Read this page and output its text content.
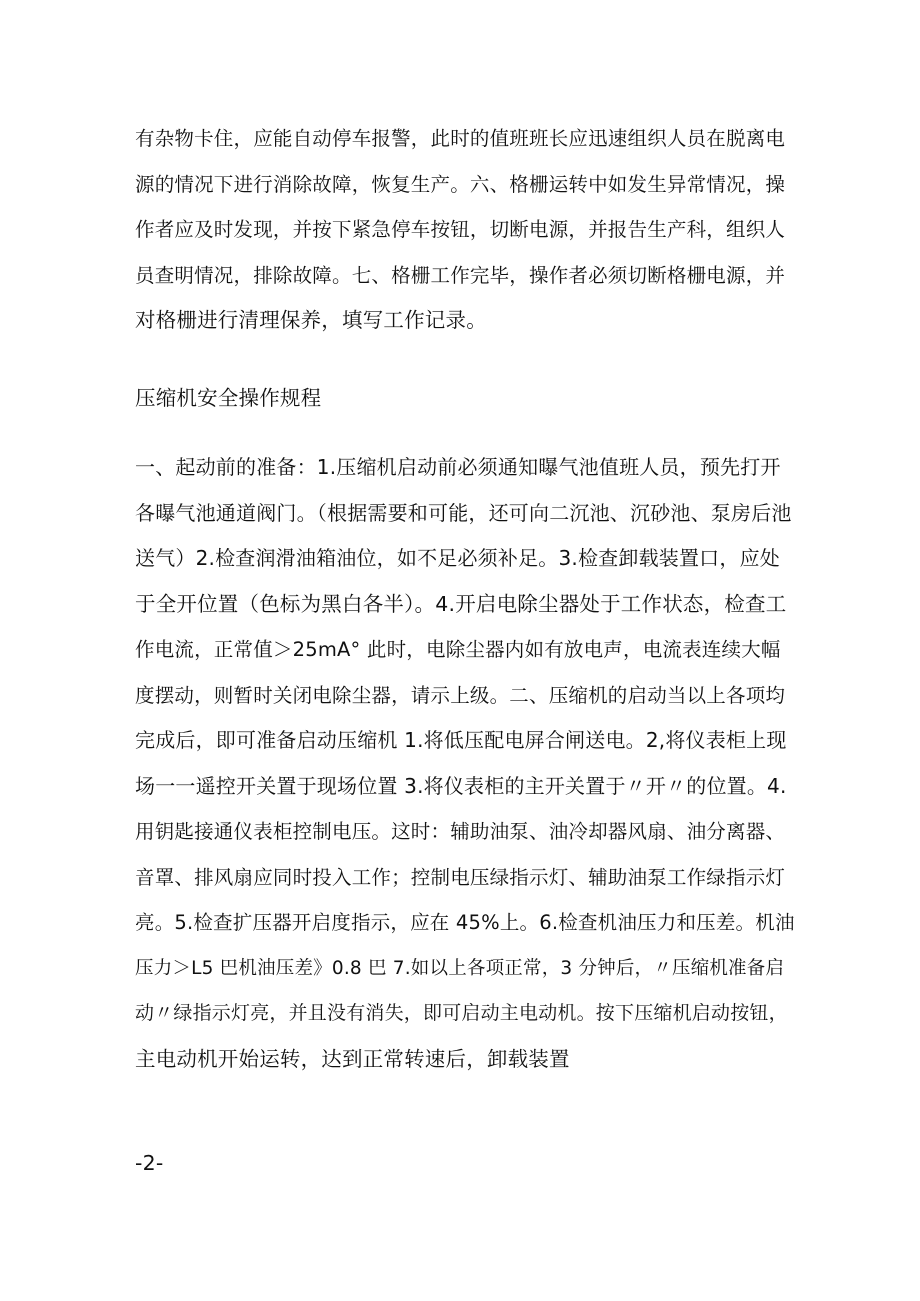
有杂物卡住，应能自动停车报警，此时的值班班长应迅速组织人员在脱离电
源的情况下进行消除故障，恢复生产。六、格栅运转中如发生异常情况，操
作者应及时发现，并按下紧急停车按钮，切断电源，并报告生产科，组织人
员查明情况，排除故障。七、格栅工作完毕，操作者必须切断格栅电源，并
对格栅进行清理保养，填写工作记录。
压缩机安全操作规程
一、起动前的准备：1.压缩机启动前必须通知曝气池值班人员，预先打开
各曝气池通道阀门。（根据需要和可能，还可向二沉池、沉砂池、泵房后池
送气）2.检查润滑油箱油位，如不足必须补足。3.检查卸载装置口，应处
于全开位置（色标为黑白各半）。4.开启电除尘器处于工作状态，检查工
作电流，正常值＞25mA° 此时，电除尘器内如有放电声，电流表连续大幅
度摆动，则暂时关闭电除尘器，请示上级。二、压缩机的启动当以上各项均
完成后，即可准备启动压缩机 1.将低压配电屏合闸送电。2,将仪表柜上现
场一一遥控开关置于现场位置 3.将仪表柜的主开关置于〃开〃的位置。4.
用钥匙接通仪表柜控制电压。这时：辅助油泵、油冷却器风扇、油分离器、
音罩、排风扇应同时投入工作；控制电压绿指示灯、辅助油泵工作绿指示灯
亮。5.检查扩压器开启度指示，应在 45%上。6.检查机油压力和压差。机油
压力＞L5 巴机油压差》0.8 巴 7.如以上各项正常，3 分钟后，〃压缩机准备启
动〃绿指示灯亮，并且没有消失，即可启动主电动机。按下压缩机启动按钮，
主电动机开始运转，达到正常转速后，卸载装置
-2-
